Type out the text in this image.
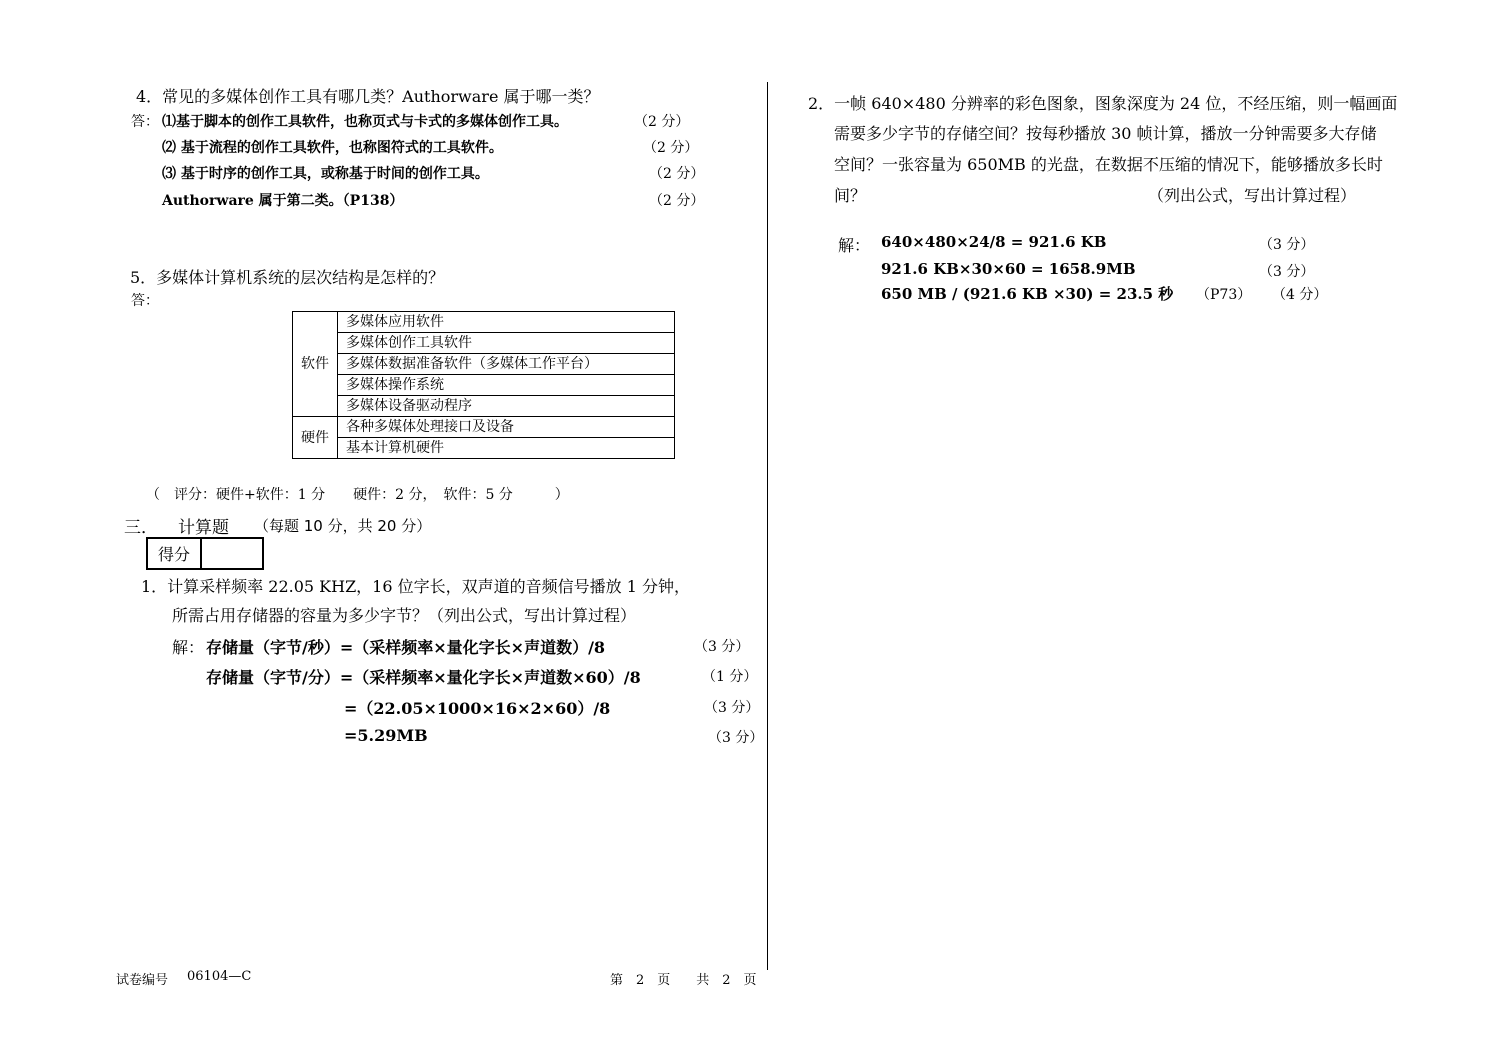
4．常见的多媒体创作工具有哪几类？Authorware 属于哪一类？
答： ⑴基于脚本的创作工具软件，也称页式与卡式的多媒体创作工具。	（2 分）
⑵ 基于流程的创作工具软件，也称图符式的工具软件。	（2 分）
⑶ 基于时序的创作工具，或称基于时间的创作工具。	（2 分）
Authorware 属于第二类。（P138）	（2 分）
5．多媒体计算机系统的层次结构是怎样的？
答：
软件	多媒体应用软件
	多媒体创作工具软件
	多媒体数据准备软件（多媒体工作平台）
	多媒体操作系统
	多媒体设备驱动程序
硬件	各种多媒体处理接口及设备
	基本计算机硬件
（　评分：硬件+软件：1 分　　硬件：2 分，　软件：5 分　　　）
三． 计算题 （每题 10 分，共 20 分）
得分
1．计算采样频率 22.05 KHZ，16 位字长，双声道的音频信号播放 1 分钟，
所需占用存储器的容量为多少字节？（列出公式，写出计算过程）
解： 存储量（字节/秒）=（采样频率×量化字长×声道数）/8	（3 分）
存储量（字节/分）=（采样频率×量化字长×声道数×60）/8	（1 分）
=（22.05×1000×16×2×60）/8	（3 分）
=5.29MB	（3 分）
2．一帧 640×480 分辨率的彩色图象，图象深度为 24 位，不经压缩，则一幅画面
需要多少字节的存储空间？按每秒播放 30 帧计算，播放一分钟需要多大存储
空间？一张容量为 650MB 的光盘，在数据不压缩的情况下，能够播放多长时
间？	（列出公式，写出计算过程）
解： 640×480×24/8 = 921.6 KB	（3 分）
921.6 KB×30×60 = 1658.9MB	（3 分）
650 MB / (921.6 KB ×30) = 23.5 秒 （P73） （4 分）
试卷编号 06104—C	第　2　页　　共　2　页
